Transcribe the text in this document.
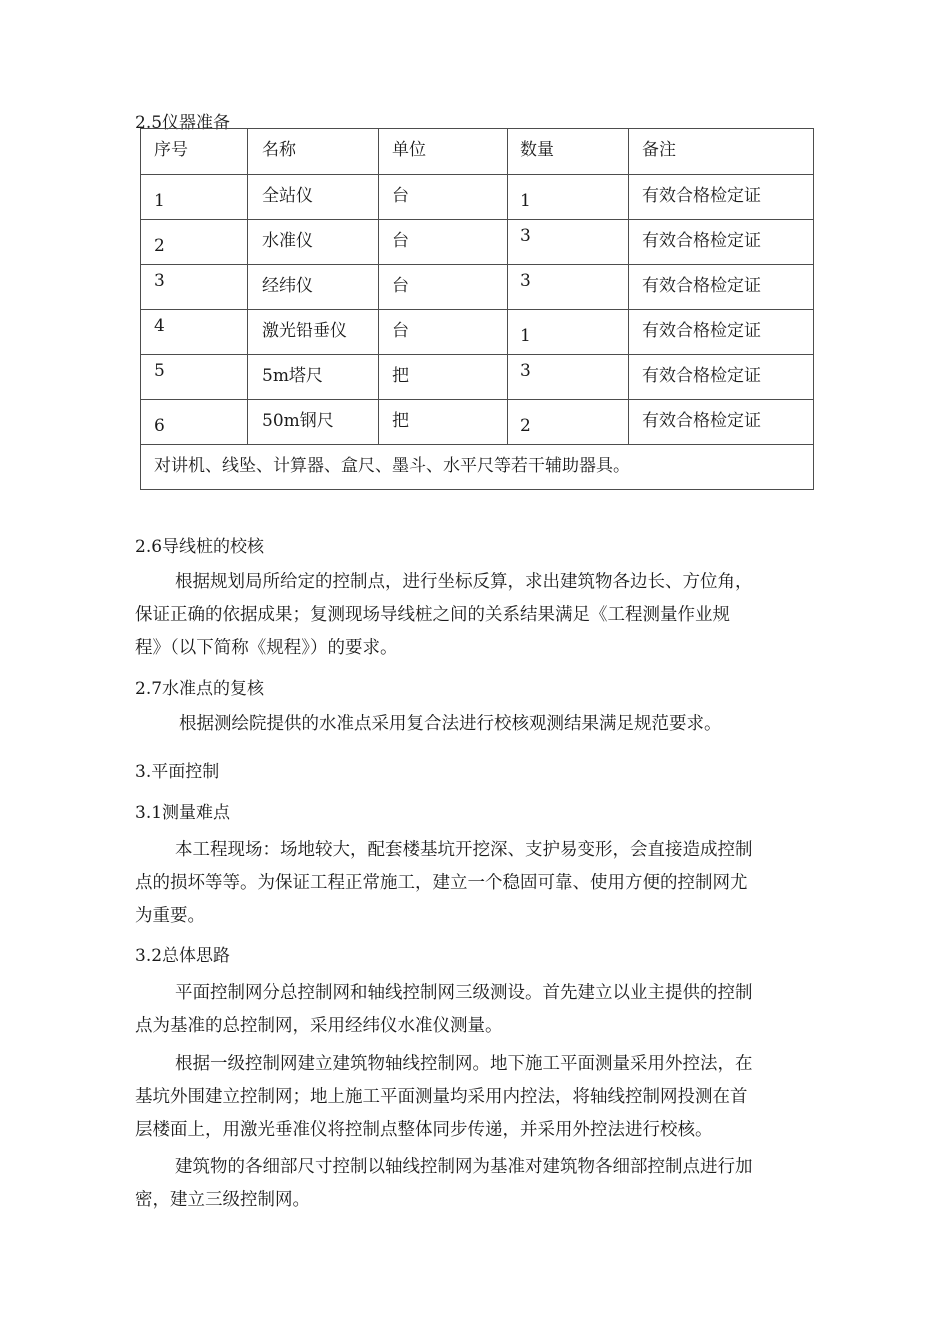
2.5仪器准备
序号	名称	单位	数量	备注

1	全站仪	台	1	有效合格检定证

2	水准仪	台	3	有效合格检定证

3	经纬仪	台	3	有效合格检定证

4	激光铅垂仪	台	1	有效合格检定证

5	5m塔尺	把	3	有效合格检定证

6	50m钢尺	把	2	有效合格检定证

对讲机、线坠、计算器、盒尺、墨斗、水平尺等若干辅助器具。				
2.6导线桩的校核
根据规划局所给定的控制点，进行坐标反算，求出建筑物各边长、方位角，
保证正确的依据成果；复测现场导线桩之间的关系结果满足《工程测量作业规
程》（以下简称《规程》）的要求。
2.7水准点的复核
根据测绘院提供的水准点采用复合法进行校核观测结果满足规范要求。
3.平面控制
3.1测量难点
本工程现场：场地较大，配套楼基坑开挖深、支护易变形，会直接造成控制
点的损坏等等。为保证工程正常施工，建立一个稳固可靠、使用方便的控制网尤
为重要。
3.2总体思路
平面控制网分总控制网和轴线控制网三级测设。首先建立以业主提供的控制
点为基准的总控制网，采用经纬仪水准仪测量。
根据一级控制网建立建筑物轴线控制网。地下施工平面测量采用外控法，在
基坑外围建立控制网；地上施工平面测量均采用内控法，将轴线控制网投测在首
层楼面上，用激光垂准仪将控制点整体同步传递，并采用外控法进行校核。
建筑物的各细部尺寸控制以轴线控制网为基准对建筑物各细部控制点进行加
密，建立三级控制网。
